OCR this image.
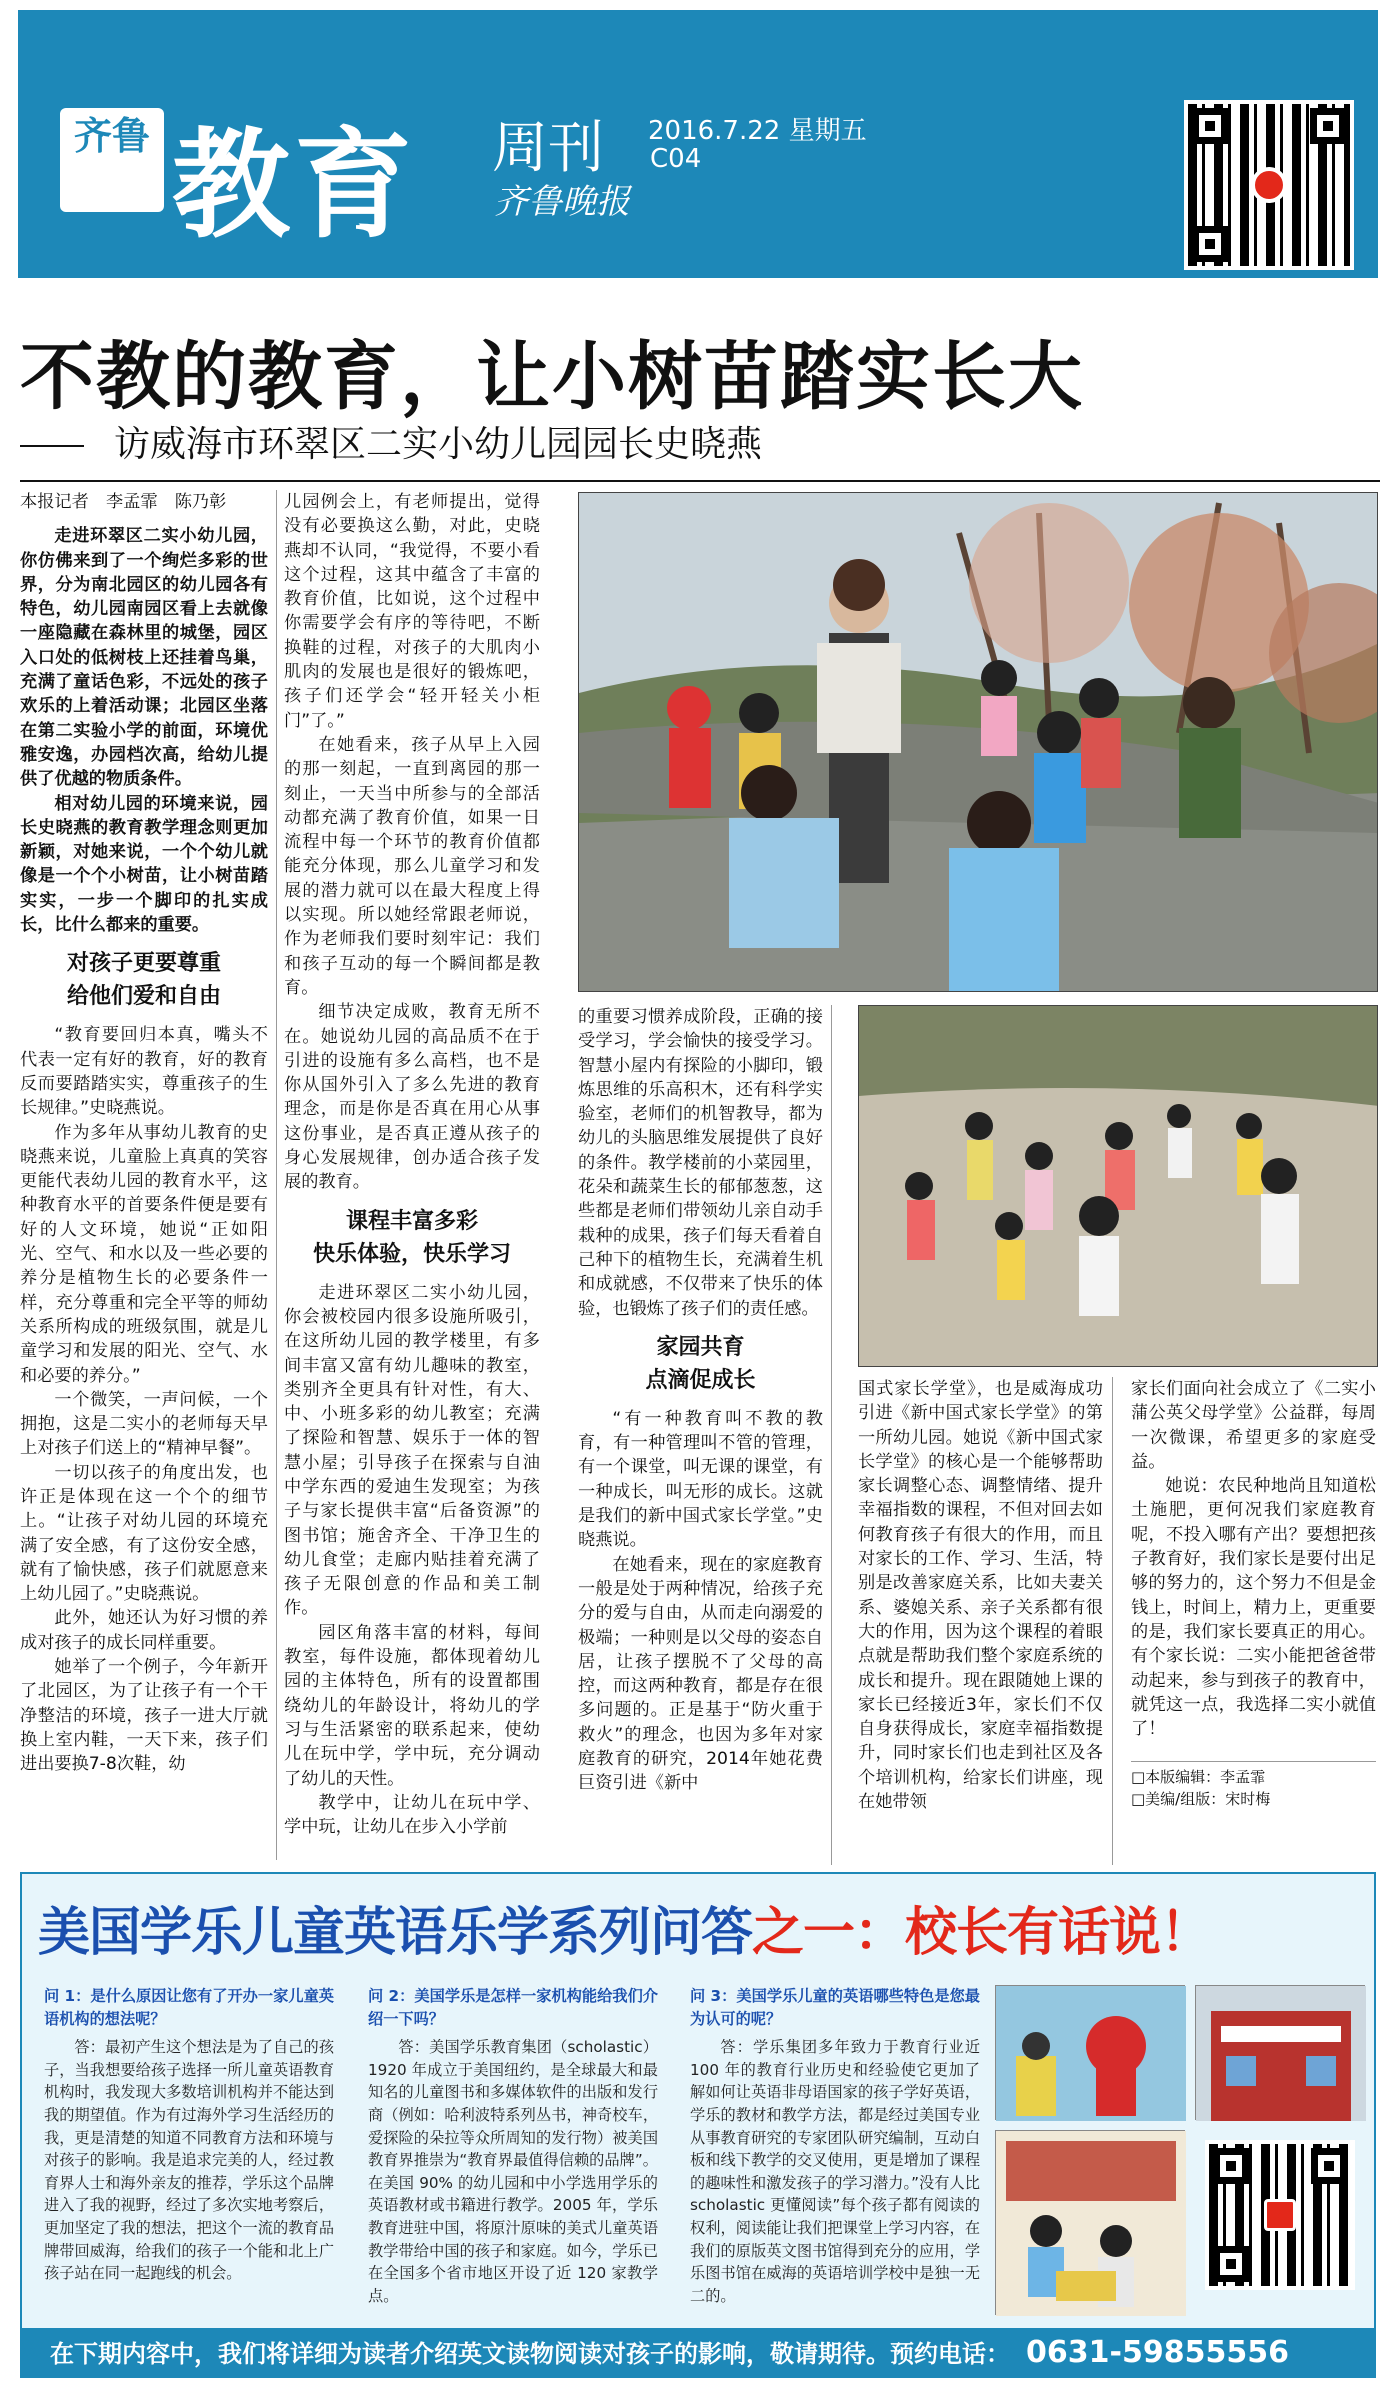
齐鲁 教育 周刊
齐鲁晚报
2016.7.22 星期五
C04
不教的教育，让小树苗踏实长大
访威海市环翠区二实小幼儿园园长史晓燕

本报记者　李孟霏　陈乃彰

走进环翠区二实小幼儿园，你仿佛来到了一个绚烂多彩的世界，分为南北园区的幼儿园各有特色，幼儿园南园区看上去就像一座隐藏在森林里的城堡，园区入口处的低树枝上还挂着鸟巢，充满了童话色彩，不远处的孩子欢乐的上着活动课；北园区坐落在第二实验小学的前面，环境优雅安逸，办园档次高，给幼儿提供了优越的物质条件。

相对幼儿园的环境来说，园长史晓燕的教育教学理念则更加新颖，对她来说，一个个幼儿就像是一个个小树苗，让小树苗踏实实，一步一个脚印的扎实成长，比什么都来的重要。

对孩子更要尊重
给他们爱和自由

“教育要回归本真，嘴头不代表一定有好的教育，好的教育反而要踏踏实实，尊重孩子的生长规律。”史晓燕说。

作为多年从事幼儿教育的史晓燕来说，儿童脸上真真的笑容更能代表幼儿园的教育水平，这种教育水平的首要条件便是要有好的人文环境，她说“正如阳光、空气、和水以及一些必要的养分是植物生长的必要条件一样，充分尊重和完全平等的师幼关系所构成的班级氛围，就是儿童学习和发展的阳光、空气、水和必要的养分。”

一个微笑，一声问候，一个拥抱，这是二实小的老师每天早上对孩子们送上的“精神早餐”。

一切以孩子的角度出发，也许正是体现在这一个个的细节上。“让孩子对幼儿园的环境充满了安全感，有了这份安全感，就有了愉快感，孩子们就愿意来上幼儿园了。”史晓燕说。

此外，她还认为好习惯的养成对孩子的成长同样重要。

她举了一个例子，今年新开了北园区，为了让孩子有一个干净整洁的环境，孩子一进大厅就换上室内鞋，一天下来，孩子们进出要换7-8次鞋，幼

儿园例会上，有老师提出，觉得没有必要换这么勤，对此，史晓燕却不认同，“我觉得，不要小看这个过程，这其中蕴含了丰富的教育价值，比如说，这个过程中你需要学会有序的等待吧，不断换鞋的过程，对孩子的大肌肉小肌肉的发展也是很好的锻炼吧，孩子们还学会“轻开轻关小柜门”了。”

在她看来，孩子从早上入园的那一刻起，一直到离园的那一刻止，一天当中所参与的全部活动都充满了教育价值，如果一日流程中每一个环节的教育价值都能充分体现，那么儿童学习和发展的潜力就可以在最大程度上得以实现。所以她经常跟老师说，作为老师我们要时刻牢记：我们和孩子互动的每一个瞬间都是教育。

细节决定成败，教育无所不在。她说幼儿园的高品质不在于引进的设施有多么高档，也不是你从国外引入了多么先进的教育理念，而是你是否真在用心从事这份事业，是否真正遵从孩子的身心发展规律，创办适合孩子发展的教育。

课程丰富多彩
快乐体验，快乐学习

走进环翠区二实小幼儿园，你会被校园内很多设施所吸引，在这所幼儿园的教学楼里，有多间丰富又富有幼儿趣味的教室，类别齐全更具有针对性，有大、中、小班多彩的幼儿教室；充满了探险和智慧、娱乐于一体的智慧小屋；引导孩子在探索与自油中学东西的爱迪生发现室；为孩子与家长提供丰富“后备资源”的图书馆；施舍齐全、干净卫生的幼儿食堂；走廊内贴挂着充满了孩子无限创意的作品和美工制作。

园区角落丰富的材料，每间教室，每件设施，都体现着幼儿园的主体特色，所有的设置都围绕幼儿的年龄设计，将幼儿的学习与生活紧密的联系起来，使幼儿在玩中学，学中玩，充分调动了幼儿的天性。

教学中，让幼儿在玩中学、学中玩，让幼儿在步入小学前

的重要习惯养成阶段，正确的接受学习，学会愉快的接受学习。智慧小屋内有探险的小脚印，锻炼思维的乐高积木，还有科学实验室，老师们的机智教导，都为幼儿的头脑思维发展提供了良好的条件。教学楼前的小菜园里，花朵和蔬菜生长的郁郁葱葱，这些都是老师们带领幼儿亲自动手栽种的成果，孩子们每天看着自己种下的植物生长，充满着生机和成就感，不仅带来了快乐的体验，也锻炼了孩子们的责任感。

家园共育
点滴促成长

“有一种教育叫不教的教育，有一种管理叫不管的管理，有一个课堂，叫无课的课堂，有一种成长，叫无形的成长。这就是我们的新中国式家长学堂。”史晓燕说。

在她看来，现在的家庭教育一般是处于两种情况，给孩子充分的爱与自由，从而走向溺爱的极端；一种则是以父母的姿态自居，让孩子摆脱不了父母的高控，而这两种教育，都是存在很多问题的。正是基于“防火重于救火”的理念，也因为多年对家庭教育的研究，2014年她花费巨资引进《新中

国式家长学堂》，也是威海成功引进《新中国式家长学堂》的第一所幼儿园。她说《新中国式家长学堂》的核心是一个能够帮助家长调整心态、调整情绪、提升幸福指数的课程，不但对回去如何教育孩子有很大的作用，而且对家长的工作、学习、生活，特别是改善家庭关系，比如夫妻关系、婆媳关系、亲子关系都有很大的作用，因为这个课程的着眼点就是帮助我们整个家庭系统的成长和提升。现在跟随她上课的家长已经接近3年，家长们不仅自身获得成长，家庭幸福指数提升，同时家长们也走到社区及各个培训机构，给家长们讲座，现在她带领

家长们面向社会成立了《二实小蒲公英父母学堂》公益群，每周一次微课，希望更多的家庭受益。

她说：农民种地尚且知道松土施肥，更何况我们家庭教育呢，不投入哪有产出？要想把孩子教育好，我们家长是要付出足够的努力的，这个努力不但是金钱上，时间上，精力上，更重要的是，我们家长要真正的用心。有个家长说：二实小能把爸爸带动起来，参与到孩子的教育中，就凭这一点，我选择二实小就值了！

□本版编辑：李孟霏
□美编/组版：宋时梅
美国学乐儿童英语乐学系列问答之一：校长有话说！
问 1：是什么原因让您有了开办一家儿童英语机构的想法呢？
答：最初产生这个想法是为了自己的孩子，当我想要给孩子选择一所儿童英语教育机构时，我发现大多数培训机构并不能达到我的期望值。作为有过海外学习生活经历的我，更是清楚的知道不同教育方法和环境与对孩子的影响。我是追求完美的人，经过教育界人士和海外亲友的推荐，学乐这个品牌进入了我的视野，经过了多次实地考察后，更加坚定了我的想法，把这个一流的教育品牌带回威海，给我们的孩子一个能和北上广孩子站在同一起跑线的机会。
问 2：美国学乐是怎样一家机构能给我们介绍一下吗？
答：美国学乐教育集团（scholastic）1920 年成立于美国纽约，是全球最大和最知名的儿童图书和多媒体软件的出版和发行商（例如：哈利波特系列丛书，神奇校车，爱探险的朵拉等众所周知的发行物）被美国教育界推崇为“教育界最值得信赖的品牌”。在美国 90% 的幼儿园和中小学选用学乐的英语教材或书籍进行教学。2005 年，学乐教育进驻中国，将原汁原味的美式儿童英语教学带给中国的孩子和家庭。如今，学乐已在全国多个省市地区开设了近 120 家教学点。
问 3：美国学乐儿童的英语哪些特色是您最为认可的呢？
答：学乐集团多年致力于教育行业近 100 年的教育行业历史和经验使它更加了解如何让英语非母语国家的孩子学好英语，学乐的教材和教学方法，都是经过美国专业从事教育研究的专家团队研究编制，互动白板和线下教学的交叉使用，更是增加了课程的趣味性和激发孩子的学习潜力。”没有人比 scholastic 更懂阅读”每个孩子都有阅读的权利，阅读能让我们把课堂上学习内容，在我们的原版英文图书馆得到充分的应用，学乐图书馆在威海的英语培训学校中是独一无二的。
在下期内容中，我们将详细为读者介绍英文读物阅读对孩子的影响，敬请期待。预约电话： 0631-59855556
